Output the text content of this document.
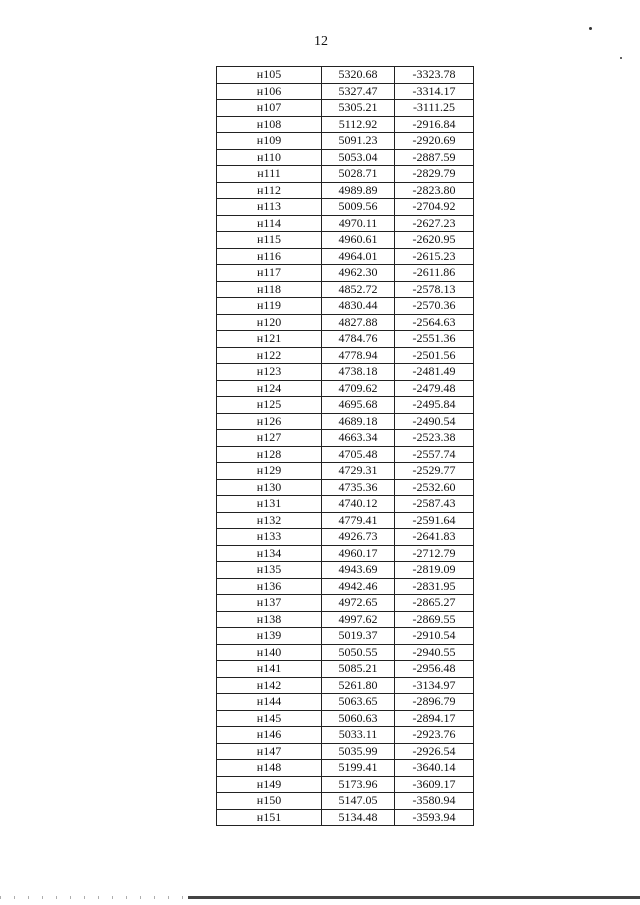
12
н105	5320.68	-3323.78
н106	5327.47	-3314.17
н107	5305.21	-3111.25
н108	5112.92	-2916.84
н109	5091.23	-2920.69
н110	5053.04	-2887.59
н111	5028.71	-2829.79
н112	4989.89	-2823.80
н113	5009.56	-2704.92
н114	4970.11	-2627.23
н115	4960.61	-2620.95
н116	4964.01	-2615.23
н117	4962.30	-2611.86
н118	4852.72	-2578.13
н119	4830.44	-2570.36
н120	4827.88	-2564.63
н121	4784.76	-2551.36
н122	4778.94	-2501.56
н123	4738.18	-2481.49
н124	4709.62	-2479.48
н125	4695.68	-2495.84
н126	4689.18	-2490.54
н127	4663.34	-2523.38
н128	4705.48	-2557.74
н129	4729.31	-2529.77
н130	4735.36	-2532.60
н131	4740.12	-2587.43
н132	4779.41	-2591.64
н133	4926.73	-2641.83
н134	4960.17	-2712.79
н135	4943.69	-2819.09
н136	4942.46	-2831.95
н137	4972.65	-2865.27
н138	4997.62	-2869.55
н139	5019.37	-2910.54
н140	5050.55	-2940.55
н141	5085.21	-2956.48
н142	5261.80	-3134.97
н144	5063.65	-2896.79
н145	5060.63	-2894.17
н146	5033.11	-2923.76
н147	5035.99	-2926.54
н148	5199.41	-3640.14
н149	5173.96	-3609.17
н150	5147.05	-3580.94
н151	5134.48	-3593.94
